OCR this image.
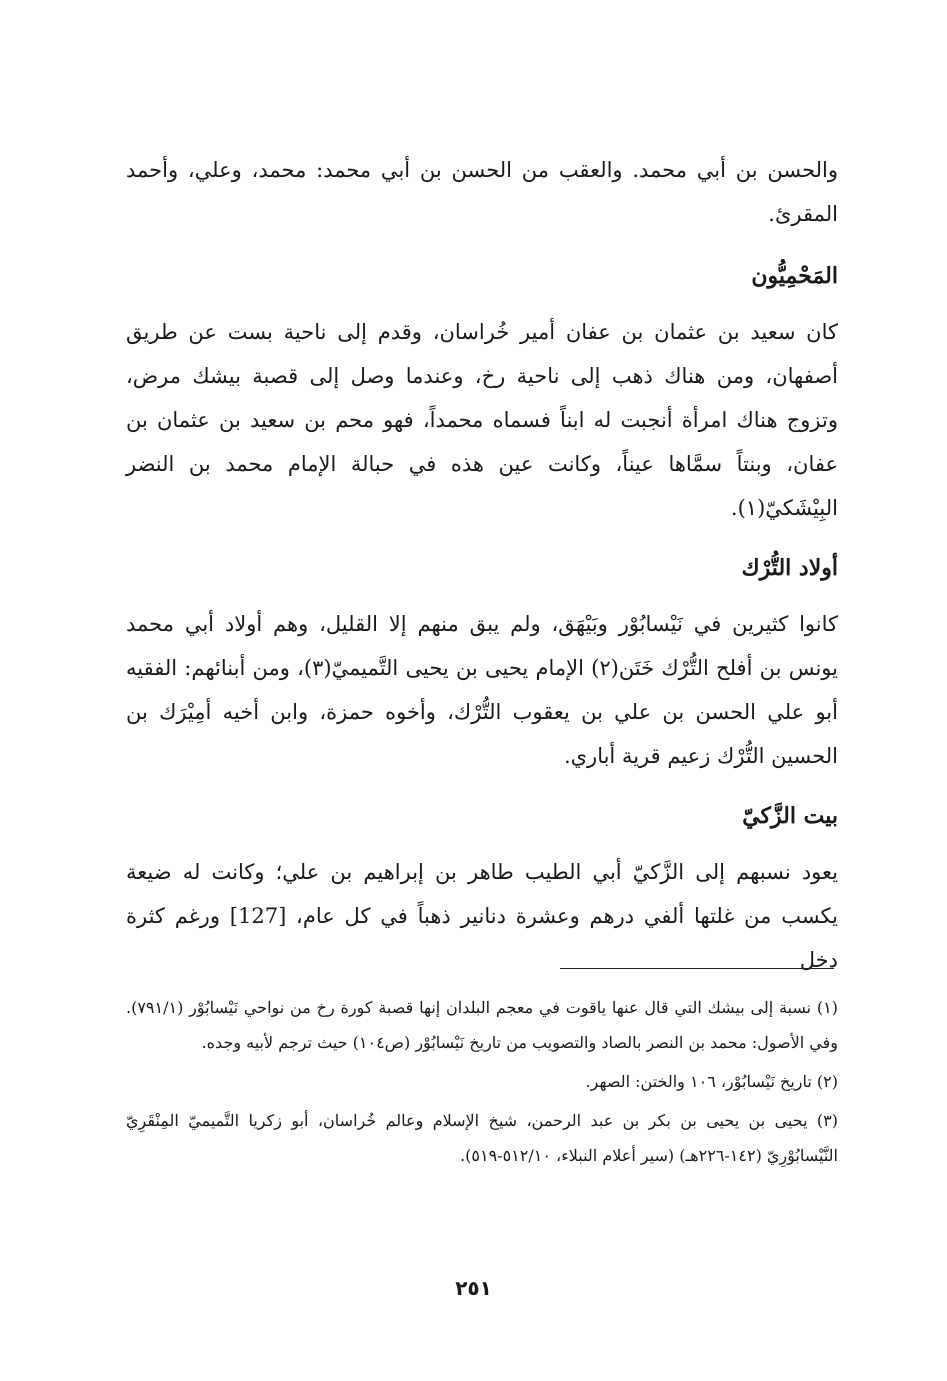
والحسن بن أبي محمد. والعقب من الحسن بن أبي محمد: محمد، وعلي، وأحمد المقرئ.

المَحْمِيُّون

كان سعيد بن عثمان بن عفان أمير خُراسان، وقدم إلى ناحية بست عن طريق أصفهان، ومن هناك ذهب إلى ناحية رخ، وعندما وصل إلى قصبة بيشك مرض، وتزوج هناك امرأة أنجبت له ابناً فسماه محمداً، فهو محم بن سعيد بن عثمان بن عفان، وبنتاً سمَّاها عيناً، وكانت عين هذه في حبالة الإمام محمد بن النضر البِيْشَكيّ(١).

أولاد التُّرْك

كانوا كثيرين في نَيْسابُوْر وبَيْهَق، ولم يبق منهم إلا القليل، وهم أولاد أبي محمد يونس بن أفلح التُّرْك خَتَن(٢) الإمام يحيى بن يحيى التَّميميّ(٣)، ومن أبنائهم: الفقيه أبو علي الحسن بن علي بن يعقوب التُّرْك، وأخوه حمزة، وابن أخيه أمِيْرَك بن الحسين التُّرْك زعيم قرية أباري.

بيت الزَّكيّ

يعود نسبهم إلى الزَّكيّ أبي الطيب طاهر بن إبراهيم بن علي؛ وكانت له ضيعة يكسب من غلتها ألفي درهم وعشرة دنانير ذهباً في كل عام، [127] ورغم كثرة دخل

(١) نسبة إلى بيشك التي قال عنها ياقوت في معجم البلدان إنها قصبة كورة رخ من نواحي نَيْسابُوْر (٧٩١/١). وفي الأصول: محمد بن النصر بالصاد والتصويب من تاريخ نَيْسابُوْر (ص١٠٤) حيث ترجم لأبيه وجده.

(٢) تاريخ نَيْسابُوْر، ١٠٦ والختن: الصهر.

(٣) يحيى بن يحيى بن بكر بن عبد الرحمن، شيخ الإسلام وعالم خُراسان، أبو زكريا التَّميميّ المِنْقَرِيّ النَّيْسابُوْرِيّ (١٤٢-٢٢٦هـ) (سير أعلام النبلاء، ٥١٢/١٠-٥١٩).

٢٥١
